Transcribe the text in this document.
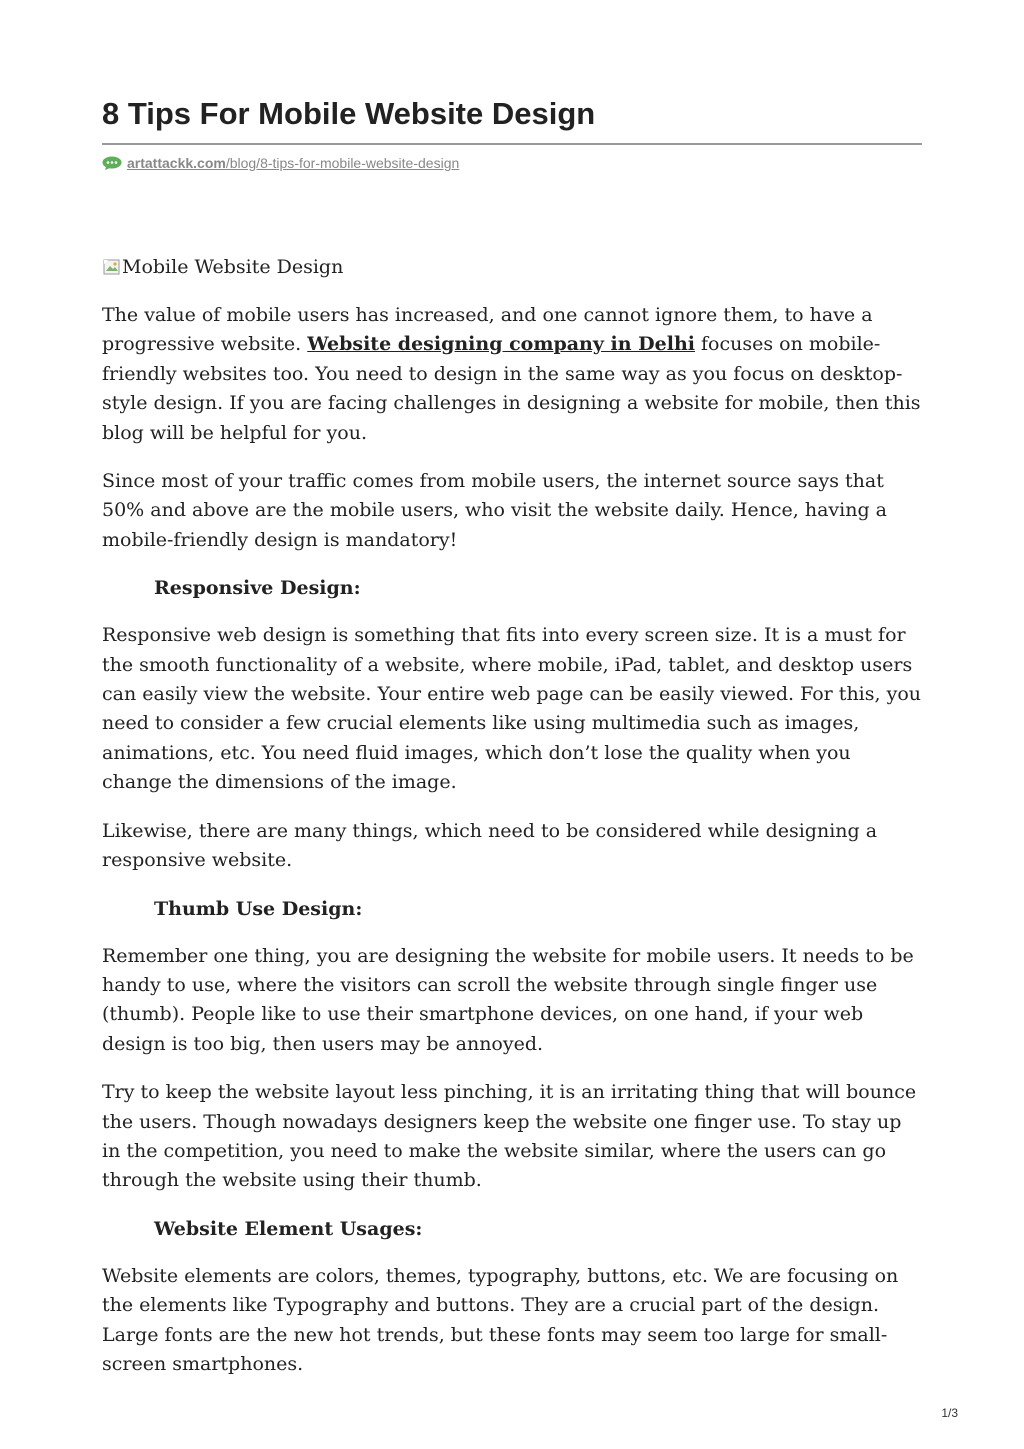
8 Tips For Mobile Website Design
artattackk.com /blog/8-tips-for-mobile-website-design
Mobile Website Design

The value of mobile users has increased, and one cannot ignore them, to have a progressive website. Website designing company in Delhi focuses on mobile-friendly websites too. You need to design in the same way as you focus on desktop-style design. If you are facing challenges in designing a website for mobile, then this blog will be helpful for you.

Since most of your traffic comes from mobile users, the internet source says that 50% and above are the mobile users, who visit the website daily. Hence, having a mobile-friendly design is mandatory!

Responsive Design:

Responsive web design is something that fits into every screen size. It is a must for the smooth functionality of a website, where mobile, iPad, tablet, and desktop users can easily view the website. Your entire web page can be easily viewed. For this, you need to consider a few crucial elements like using multimedia such as images, animations, etc. You need fluid images, which don’t lose the quality when you change the dimensions of the image.

Likewise, there are many things, which need to be considered while designing a responsive website.

Thumb Use Design:

Remember one thing, you are designing the website for mobile users. It needs to be handy to use, where the visitors can scroll the website through single finger use (thumb). People like to use their smartphone devices, on one hand, if your web design is too big, then users may be annoyed.

Try to keep the website layout less pinching, it is an irritating thing that will bounce the users. Though nowadays designers keep the website one finger use. To stay up in the competition, you need to make the website similar, where the users can go through the website using their thumb.

Website Element Usages:

Website elements are colors, themes, typography, buttons, etc. We are focusing on the elements like Typography and buttons. They are a crucial part of the design. Large fonts are the new hot trends, but these fonts may seem too large for small-screen smartphones.

1/3
